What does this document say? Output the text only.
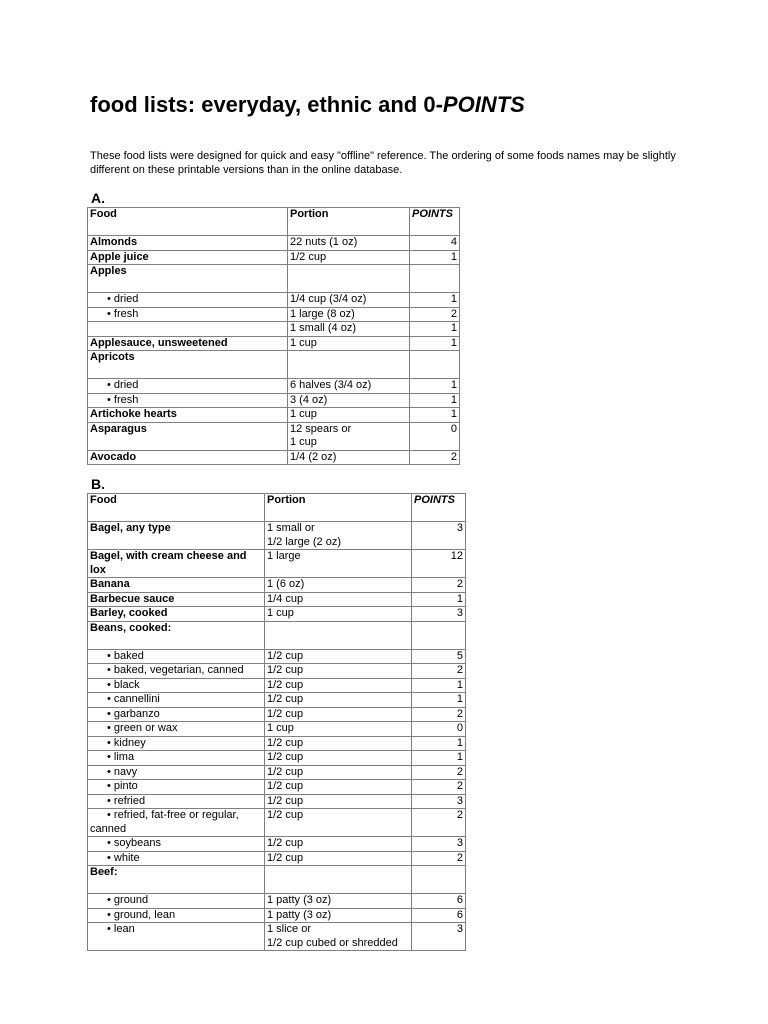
food lists: everyday, ethnic and 0-POINTS
These food lists were designed for quick and easy "offline" reference. The ordering of some foods names may be slightly different on these printable versions than in the online database.
A.
Food	Portion	POINTS
Almonds	22 nuts (1 oz)	4
Apple juice	1/2 cup	1
Apples		
• dried	1/4 cup (3/4 oz)	1
• fresh	1 large (8 oz)	2
	1 small (4 oz)	1
Applesauce, unsweetened	1 cup	1
Apricots		
• dried	6 halves (3/4 oz)	1
• fresh	3 (4 oz)	1
Artichoke hearts	1 cup	1
Asparagus	12 spears or
1 cup	0
Avocado	1/4 (2 oz)	2
B.
Food	Portion	POINTS
Bagel, any type	1 small or
1/2 large (2 oz)	3
Bagel, with cream cheese and lox	1 large	12
Banana	1 (6 oz)	2
Barbecue sauce	1/4 cup	1
Barley, cooked	1 cup	3
Beans, cooked:		
• baked	1/2 cup	5
• baked, vegetarian, canned	1/2 cup	2
• black	1/2 cup	1
• cannellini	1/2 cup	1
• garbanzo	1/2 cup	2
• green or wax	1 cup	0
• kidney	1/2 cup	1
• lima	1/2 cup	1
• navy	1/2 cup	2
• pinto	1/2 cup	2
• refried	1/2 cup	3
• refried, fat-free or regular, canned	1/2 cup	2
• soybeans	1/2 cup	3
• white	1/2 cup	2
Beef:		
• ground	1 patty (3 oz)	6
• ground, lean	1 patty (3 oz)	6
• lean	1 slice or
1/2 cup cubed or shredded	3
